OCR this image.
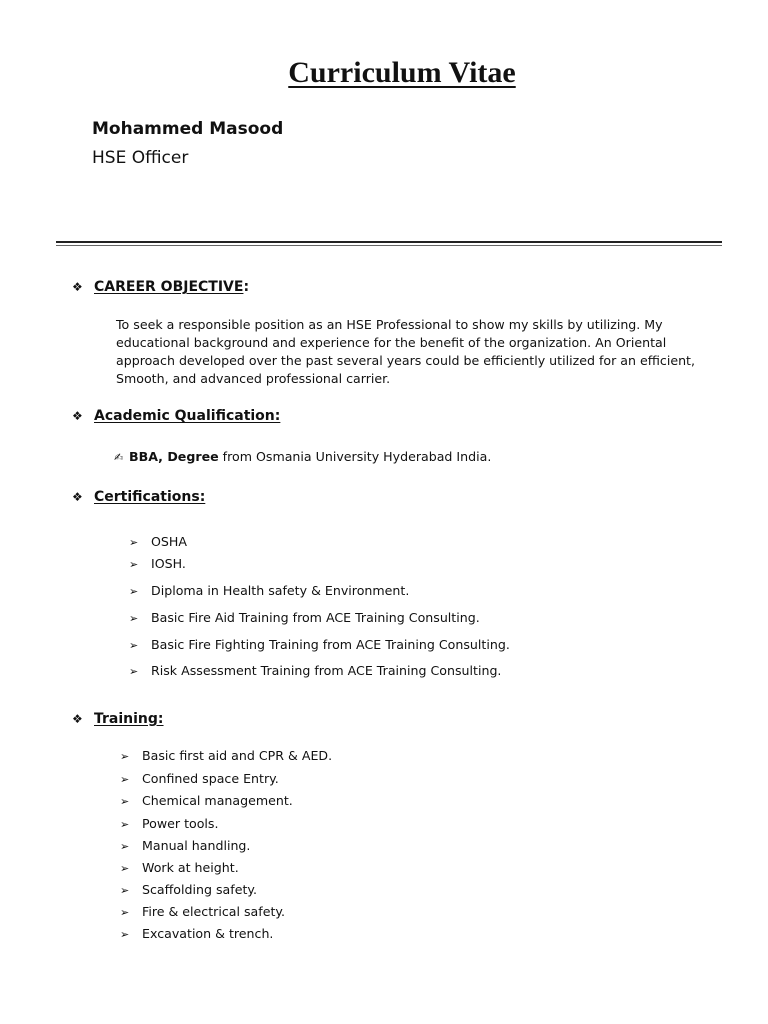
Curriculum Vitae
Mohammed Masood
HSE Officer
❖ CAREER OBJECTIVE:
To seek a responsible position as an HSE Professional to show my skills by utilizing. My educational background and experience for the benefit of the organization. An Oriental approach developed over the past several years could be efficiently utilized for an efficient, Smooth, and advanced professional carrier.
❖ Academic Qualification:
✍ BBA, Degree from Osmania University Hyderabad India.
❖ Certifications:
➢ OSHA
➢ IOSH.
➢ Diploma in Health safety & Environment.
➢ Basic Fire Aid Training from ACE Training Consulting.
➢ Basic Fire Fighting Training from ACE Training Consulting.
➢ Risk Assessment Training from ACE Training Consulting.
❖ Training:
➢ Basic first aid and CPR & AED.
➢ Confined space Entry.
➢ Chemical management.
➢ Power tools.
➢ Manual handling.
➢ Work at height.
➢ Scaffolding safety.
➢ Fire & electrical safety.
➢ Excavation & trench.
